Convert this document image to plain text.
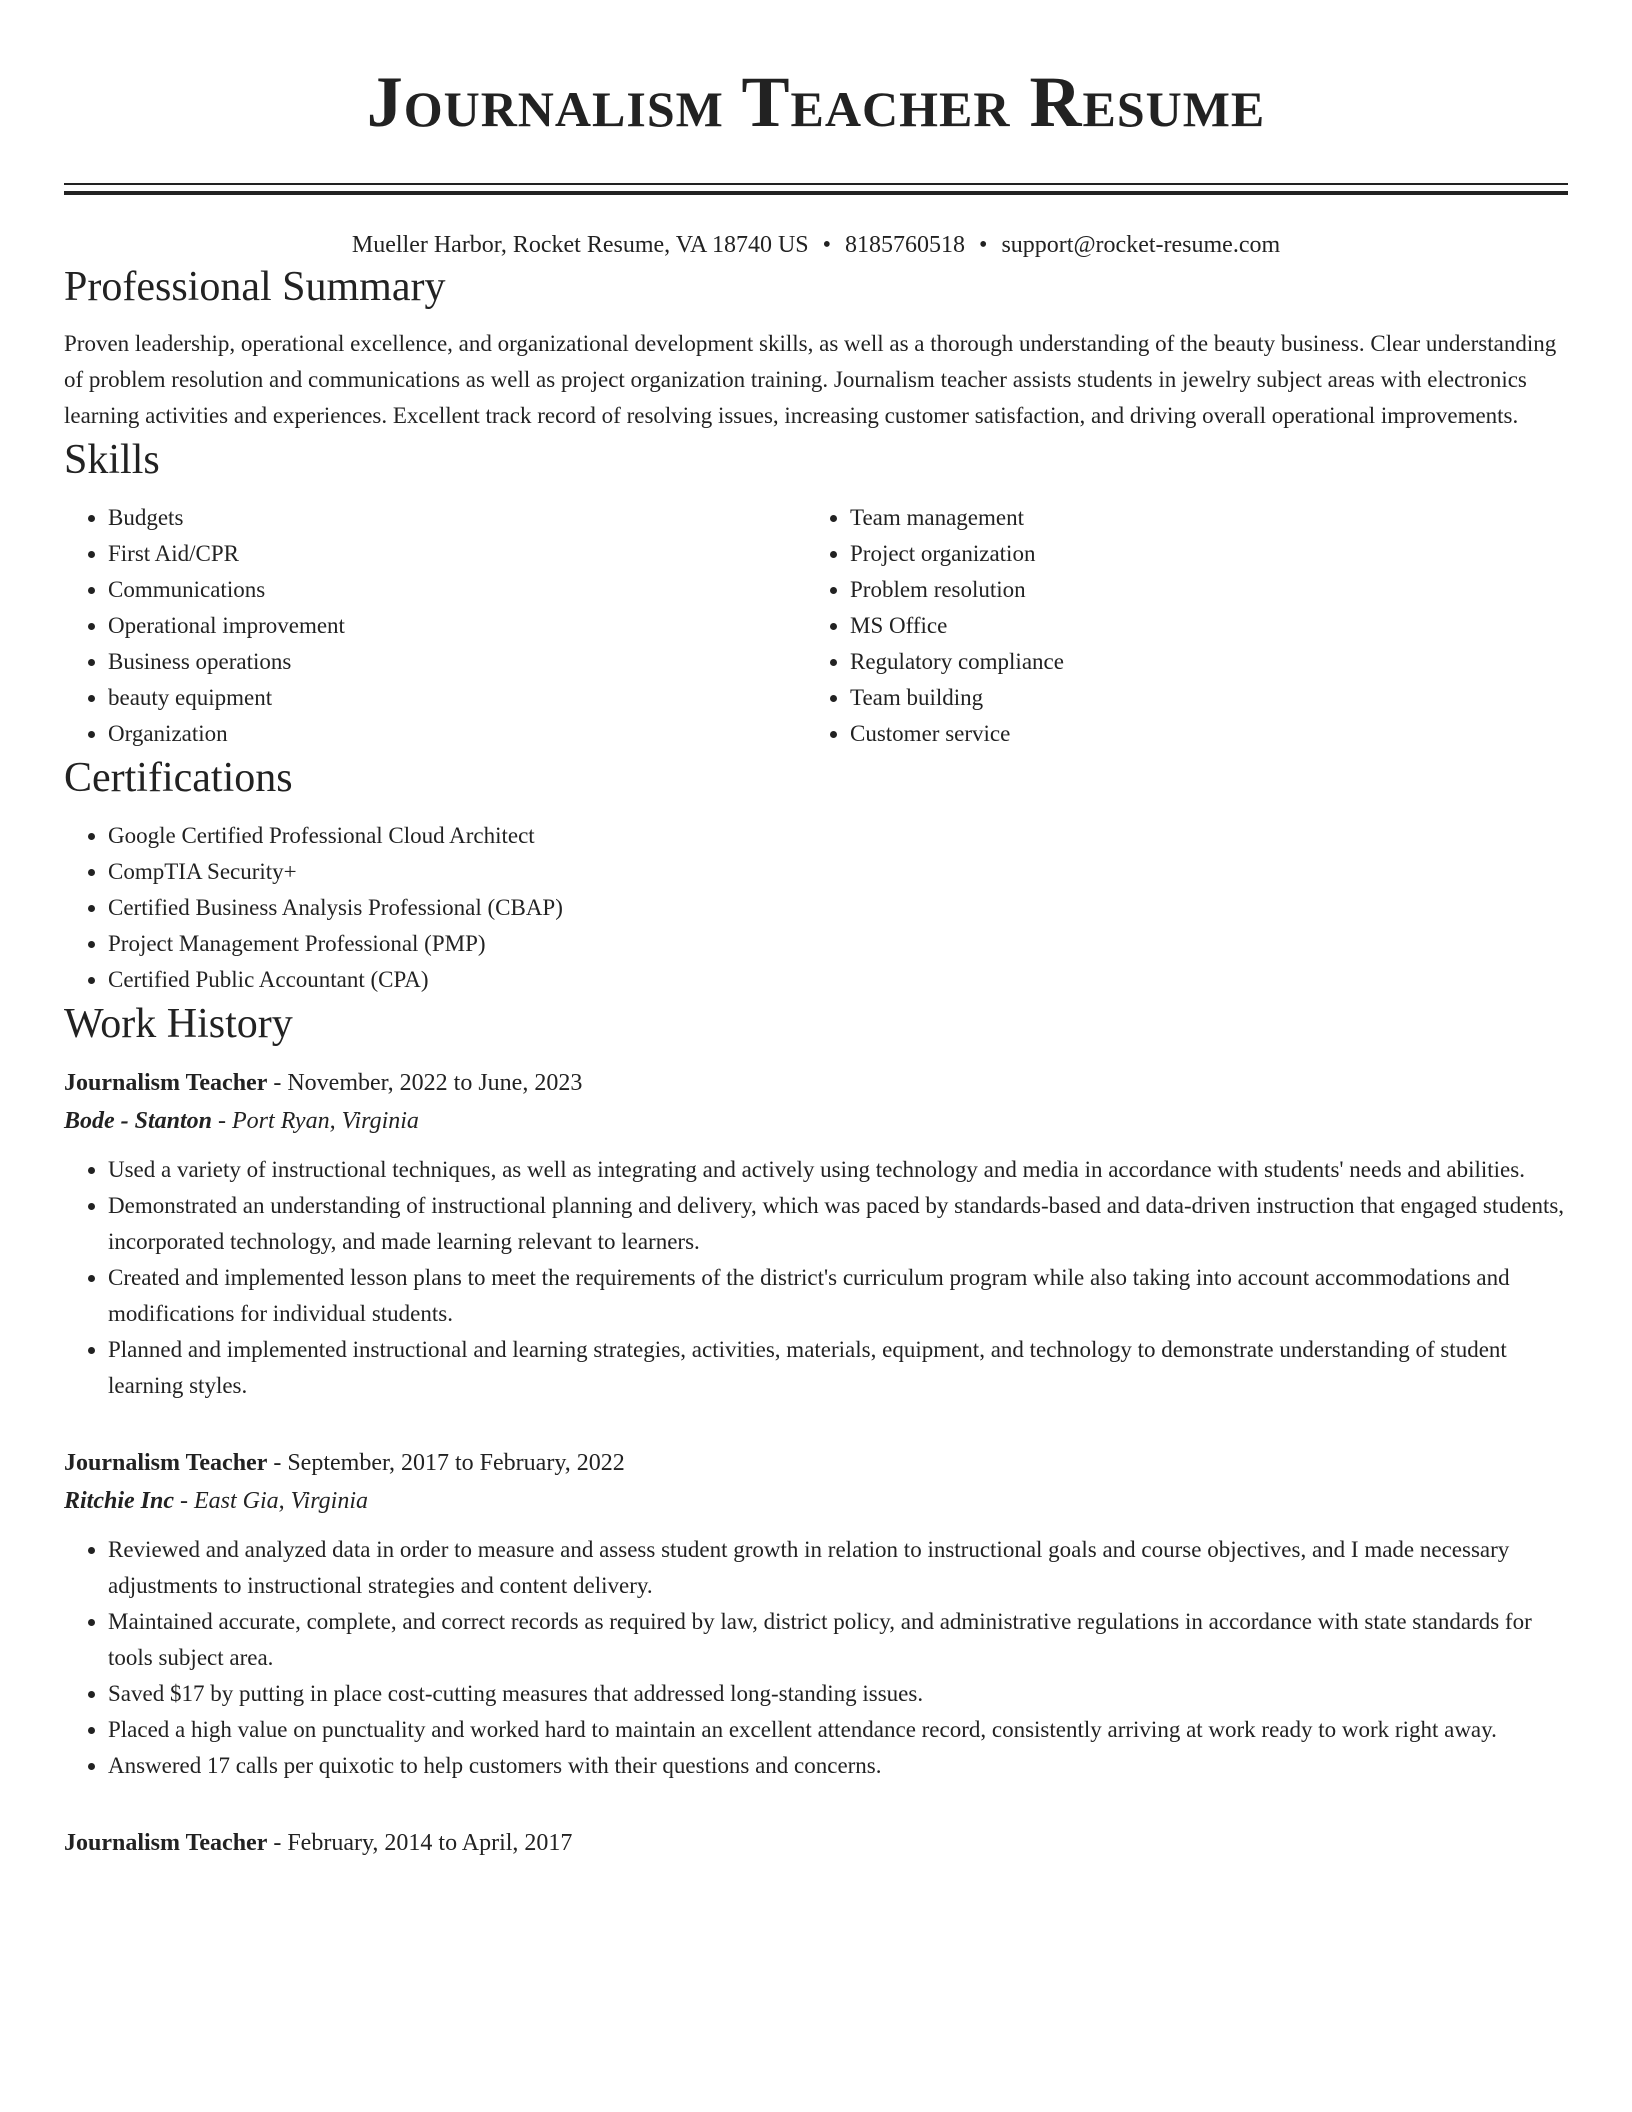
Journalism Teacher Resume
Mueller Harbor, Rocket Resume, VA 18740 US • 8185760518 • support@rocket-resume.com
Professional Summary

Proven leadership, operational excellence, and organizational development skills, as well as a thorough understanding of the beauty business. Clear understanding of problem resolution and communications as well as project organization training. Journalism teacher assists students in jewelry subject areas with electronics learning activities and experiences. Excellent track record of resolving issues, increasing customer satisfaction, and driving overall operational improvements.

Skills
• Budgets
• First Aid/CPR
• Communications
• Operational improvement
• Business operations
• beauty equipment
• Organization
• Team management
• Project organization
• Problem resolution
• MS Office
• Regulatory compliance
• Team building
• Customer service
Certifications
• Google Certified Professional Cloud Architect
• CompTIA Security+
• Certified Business Analysis Professional (CBAP)
• Project Management Professional (PMP)
• Certified Public Accountant (CPA)
Work History
Journalism Teacher - November, 2022 to June, 2023
Bode - Stanton - Port Ryan, Virginia
• Used a variety of instructional techniques, as well as integrating and actively using technology and media in accordance with students' needs and abilities.
• Demonstrated an understanding of instructional planning and delivery, which was paced by standards-based and data-driven instruction that engaged students, incorporated technology, and made learning relevant to learners.
• Created and implemented lesson plans to meet the requirements of the district's curriculum program while also taking into account accommodations and modifications for individual students.
• Planned and implemented instructional and learning strategies, activities, materials, equipment, and technology to demonstrate understanding of student learning styles.
Journalism Teacher - September, 2017 to February, 2022
Ritchie Inc - East Gia, Virginia
• Reviewed and analyzed data in order to measure and assess student growth in relation to instructional goals and course objectives, and I made necessary adjustments to instructional strategies and content delivery.
• Maintained accurate, complete, and correct records as required by law, district policy, and administrative regulations in accordance with state standards for tools subject area.
• Saved $17 by putting in place cost-cutting measures that addressed long-standing issues.
• Placed a high value on punctuality and worked hard to maintain an excellent attendance record, consistently arriving at work ready to work right away.
• Answered 17 calls per quixotic to help customers with their questions and concerns.
Journalism Teacher - February, 2014 to April, 2017
